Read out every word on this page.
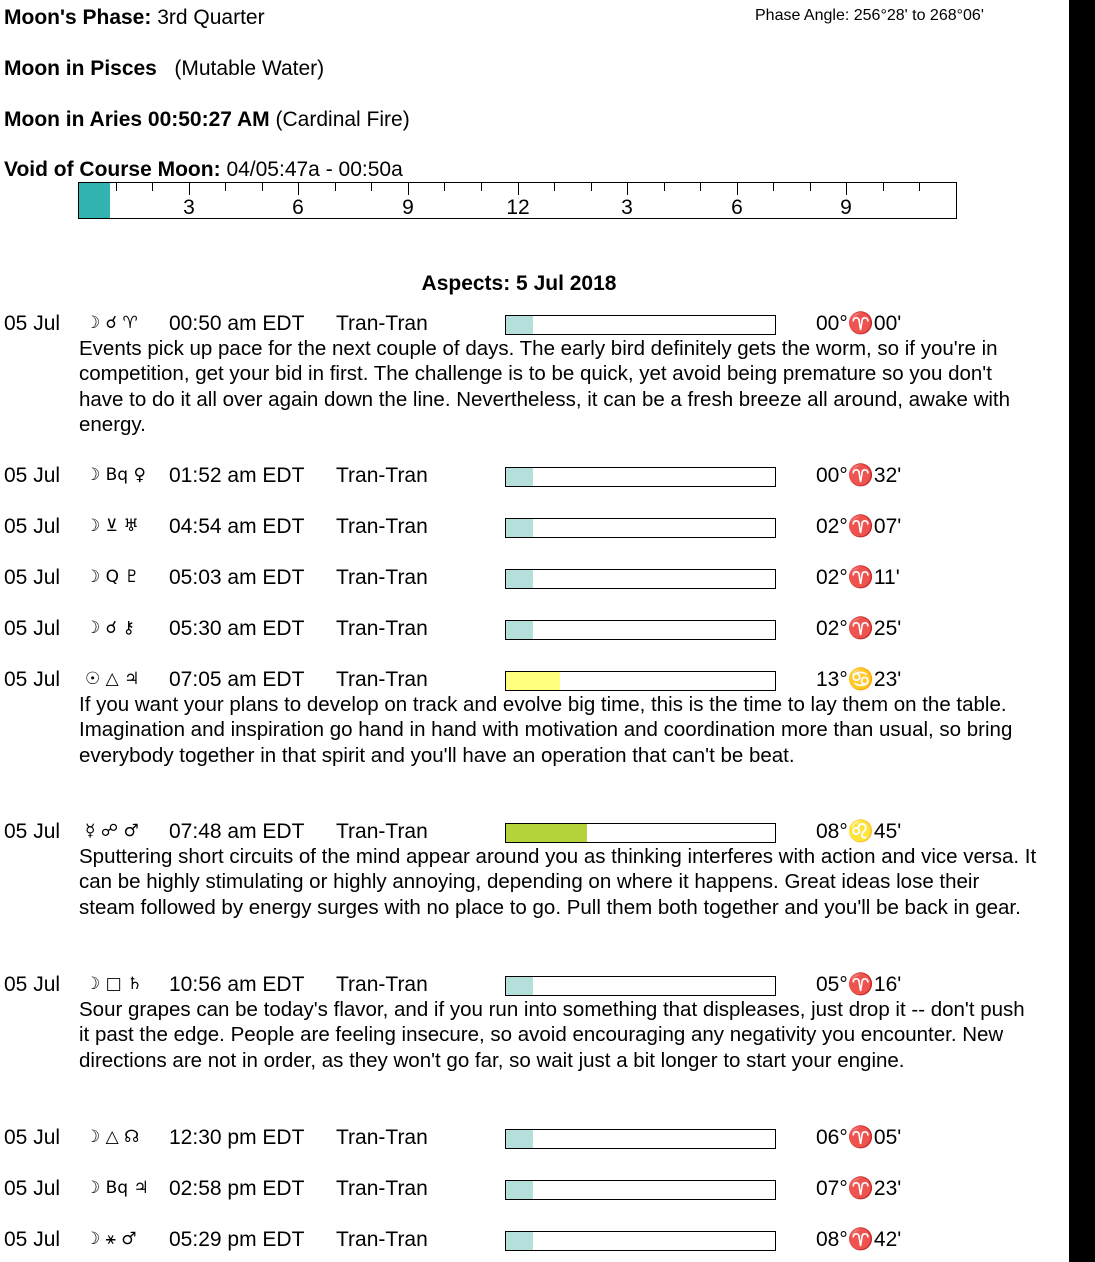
Moon's Phase: 3rd Quarter	Phase Angle: 256°28' to 268°06'
Moon in Pisces (Mutable Water)
Moon in Aries 00:50:27 AM (Cardinal Fire)
Void of Course Moon: 04/05:47a - 00:50a
3	6	9	12	3	6	9
Aspects: 5 Jul 2018
05 Jul ☽ ☌ ♈ 00:50 am EDT Tran-Tran	00°♈00'
Events pick up pace for the next couple of days. The early bird definitely gets the worm, so if you're in competition, get your bid in first. The challenge is to be quick, yet avoid being premature so you don't have to do it all over again down the line. Nevertheless, it can be a fresh breeze all around, awake with energy.
05 Jul ☽ Bq ♀ 01:52 am EDT Tran-Tran	00°♈32'
05 Jul ☽ ⊻ ♅ 04:54 am EDT Tran-Tran	02°♈07'
05 Jul ☽ Q ♇ 05:03 am EDT Tran-Tran	02°♈11'
05 Jul ☽ ☌ ⚷ 05:30 am EDT Tran-Tran	02°♈25'
05 Jul ☉ △ ♃ 07:05 am EDT Tran-Tran	13°♋23'
If you want your plans to develop on track and evolve big time, this is the time to lay them on the table. Imagination and inspiration go hand in hand with motivation and coordination more than usual, so bring everybody together in that spirit and you'll have an operation that can't be beat.
05 Jul ☿ ☍ ♂ 07:48 am EDT Tran-Tran	08°♌45'
Sputtering short circuits of the mind appear around you as thinking interferes with action and vice versa. It can be highly stimulating or highly annoying, depending on where it happens. Great ideas lose their steam followed by energy surges with no place to go. Pull them both together and you'll be back in gear.
05 Jul ☽ □ ♄ 10:56 am EDT Tran-Tran	05°♈16'
Sour grapes can be today's flavor, and if you run into something that displeases, just drop it -- don't push it past the edge. People are feeling insecure, so avoid encouraging any negativity you encounter. New directions are not in order, as they won't go far, so wait just a bit longer to start your engine.
05 Jul ☽ △ ☊ 12:30 pm EDT Tran-Tran	06°♈05'
05 Jul ☽ Bq ♃ 02:58 pm EDT Tran-Tran	07°♈23'
05 Jul ☽ ⚹ ♂ 05:29 pm EDT Tran-Tran	08°♈42'
